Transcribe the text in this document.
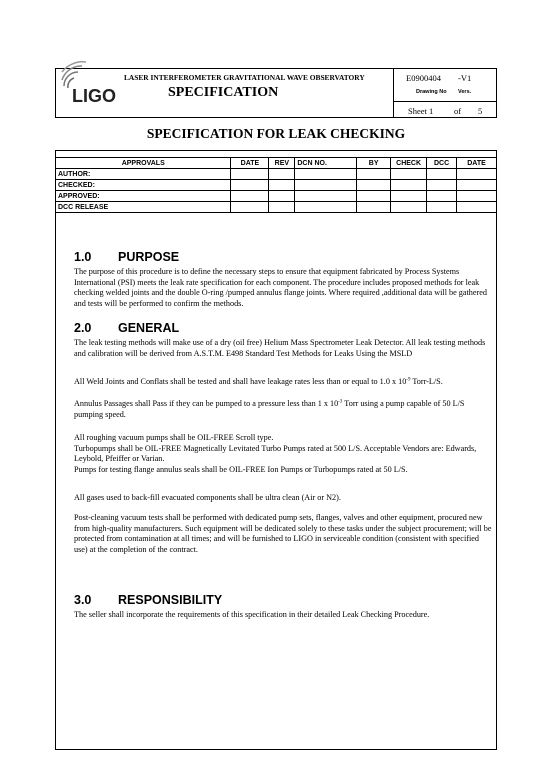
LIGO
LASER INTERFEROMETER GRAVITATIONAL WAVE OBSERVATORY
SPECIFICATION
E0900404 -V1
Drawing No Vers.
Sheet 1 of 5
SPECIFICATION FOR LEAK CHECKING
APPROVALS	DATE	REV	DCN NO.	BY	CHECK	DCC	DATE
AUTHOR:							
CHECKED:							
APPROVED:							
DCC RELEASE							
1.0 PURPOSE
The purpose of this procedure is to define the necessary steps to ensure that equipment fabricated by Process Systems International (PSI) meets the leak rate specification for each component. The procedure includes proposed methods for leak checking welded joints and the double O-ring /pumped annulus flange joints. Where required ,additional data will be gathered and tests will be performed to confirm the methods.
2.0 GENERAL
The leak testing methods will make use of a dry (oil free) Helium Mass Spectrometer Leak Detector. All leak testing methods and calibration will be derived from A.S.T.M. E498 Standard Test Methods for Leaks Using the MSLD
All Weld Joints and Conflats shall be tested and shall have leakage rates less than or equal to 1.0 x $10^{-9}$ Torr-L/S.
Annulus Passages shall Pass if they can be pumped to a pressure less than 1 x $10^{-3}$ Torr using a pump capable of 50 L/S pumping speed.
All roughing vacuum pumps shall be OIL-FREE Scroll type.
Turbopumps shall be OIL-FREE Magnetically Levitated Turbo Pumps rated at 500 L/S. Acceptable Vendors are: Edwards, Leybold, Pfeiffer or Varian.
Pumps for testing flange annulus seals shall be OIL-FREE Ion Pumps or Turbopumps rated at 50 L/S.
All gases used to back-fill evacuated components shall be ultra clean (Air or N2).
Post-cleaning vacuum tests shall be performed with dedicated pump sets, flanges, valves and other equipment, procured new from high-quality manufacturers. Such equipment will be dedicated solely to these tasks under the subject procurement; will be protected from contamination at all times; and will be furnished to LIGO in serviceable condition (consistent with specified use) at the completion of the contract.
3.0 RESPONSIBILITY
The seller shall incorporate the requirements of this specification in their detailed Leak Checking Procedure.
